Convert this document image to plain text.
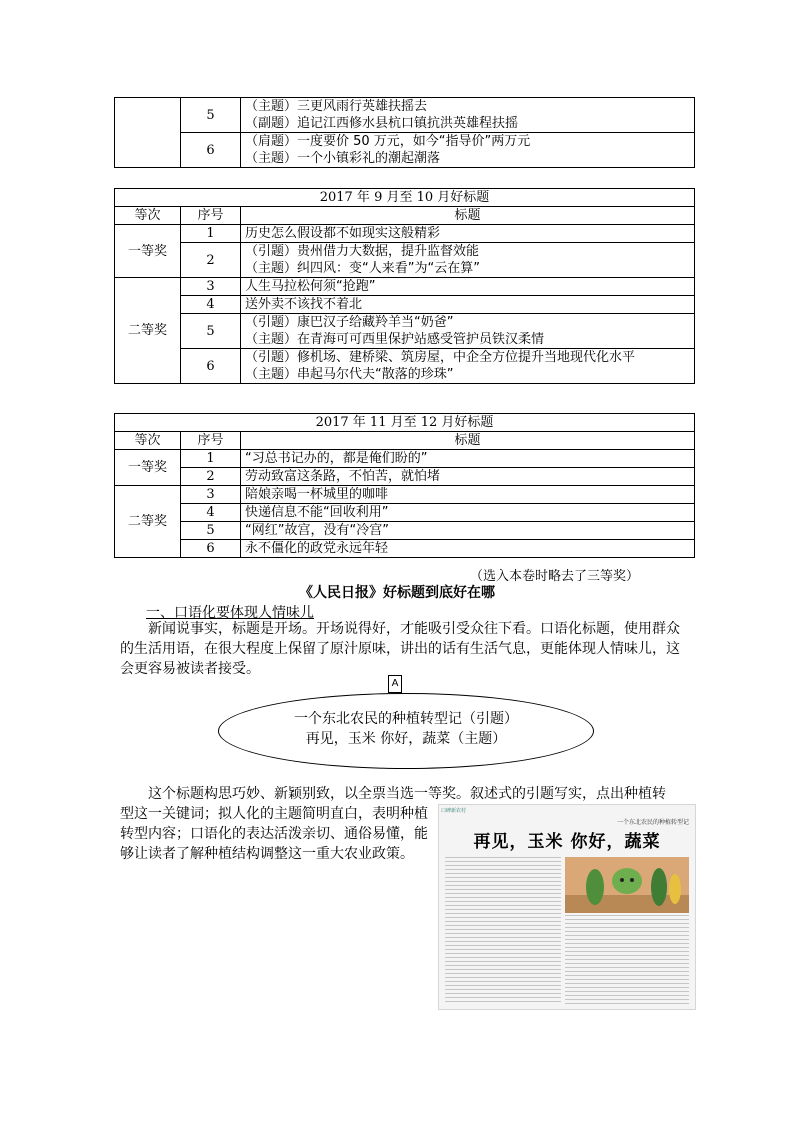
	5	（主题）三更风雨行英雄扶摇去
（副题）追记江西修水县杭口镇抗洪英雄程扶摇

	6	（肩题）一度要价 50 万元，如今“指导价”两万元
（主题）一个小镇彩礼的潮起潮落
2017 年 9 月至 10 月好标题		
等次	序号	标题
一等奖	1	历史怎么假设都不如现实这般精彩

	2	（引题）贵州借力大数据，提升监督效能
（主题）纠四风：变“人来看”为“云在算”

二等奖	3	人生马拉松何须“抢跑”

	4	送外卖不该找不着北

	5	（引题）康巴汉子给藏羚羊当“奶爸”
（主题）在青海可可西里保护站感受管护员铁汉柔情

	6	（引题）修机场、建桥梁、筑房屋，中企全方位提升当地现代化水平
（主题）串起马尔代夫“散落的珍珠”
2017 年 11 月至 12 月好标题		
等次	序号	标题
一等奖	1	“习总书记办的，都是俺们盼的”

	2	劳动致富这条路，不怕苦，就怕堵

二等奖	3	陪娘亲喝一杯城里的咖啡

	4	快递信息不能“回收利用”

	5	“网红”故宫，没有“冷宫”

	6	永不僵化的政党永远年轻
（选入本卷时略去了三等奖）
《人民日报》好标题到底好在哪
一、口语化要体现人情味儿

新闻说事实，标题是开场。开场说得好，才能吸引受众往下看。口语化标题，使用群众的生活用语，在很大程度上保留了原汁原味，讲出的话有生活气息，更能体现人情味儿，这会更容易被读者接受。

A
一个东北农民的种植转型记（引题）
再见，玉米 你好，蔬菜（主题）

这个标题构思巧妙、新颖别致，以全票当选一等奖。叙述式的引题写实，点出种植转

型这一关键词；拟人化的主题简明直白，表明种植转型内容；口语化的表达活泼亲切、通俗易懂，能够让读者了解种植结构调整这一重大农业政策。

口碑新农村
一个东北农民的种植转型记
再见，玉米 你好，蔬菜
